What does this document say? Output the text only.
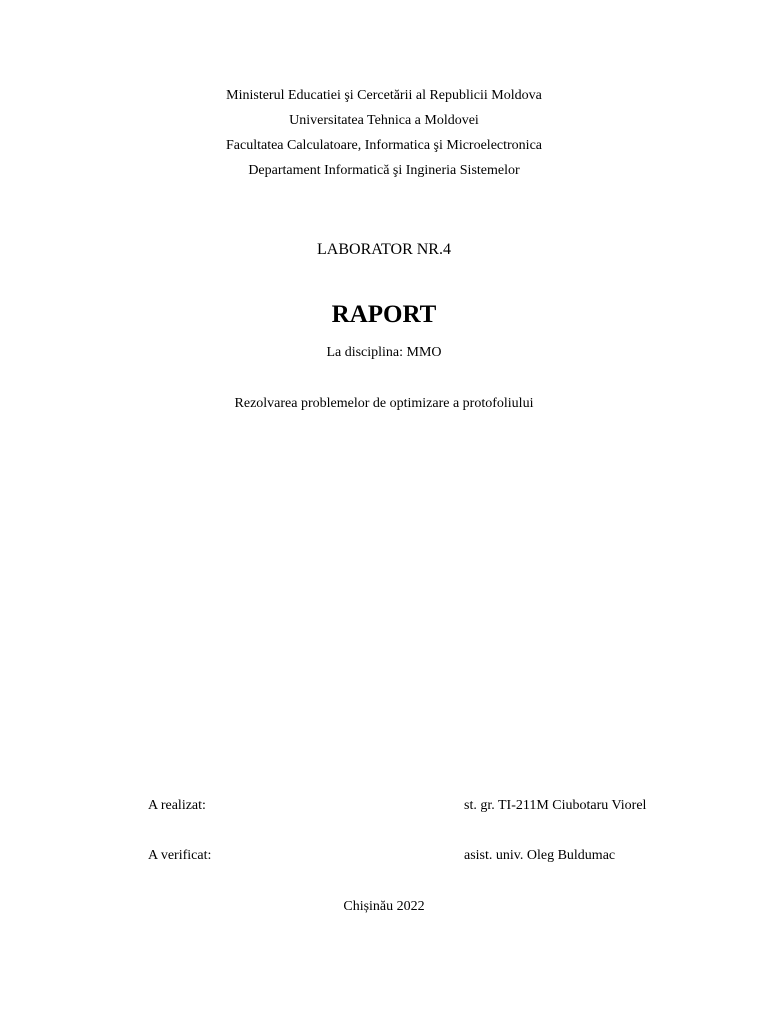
Ministerul Educatiei şi Cercetării al Republicii Moldova
Universitatea Tehnica a Moldovei
Facultatea Calculatoare, Informatica şi Microelectronica
Departament Informatică şi Ingineria Sistemelor
LABORATOR NR.4
RAPORT
La disciplina: MMO
Rezolvarea problemelor de optimizare a protofoliului
A realizat:	st. gr. TI-211M Ciubotaru Viorel
A verificat:	asist. univ. Oleg Buldumac
Chișinău 2022
